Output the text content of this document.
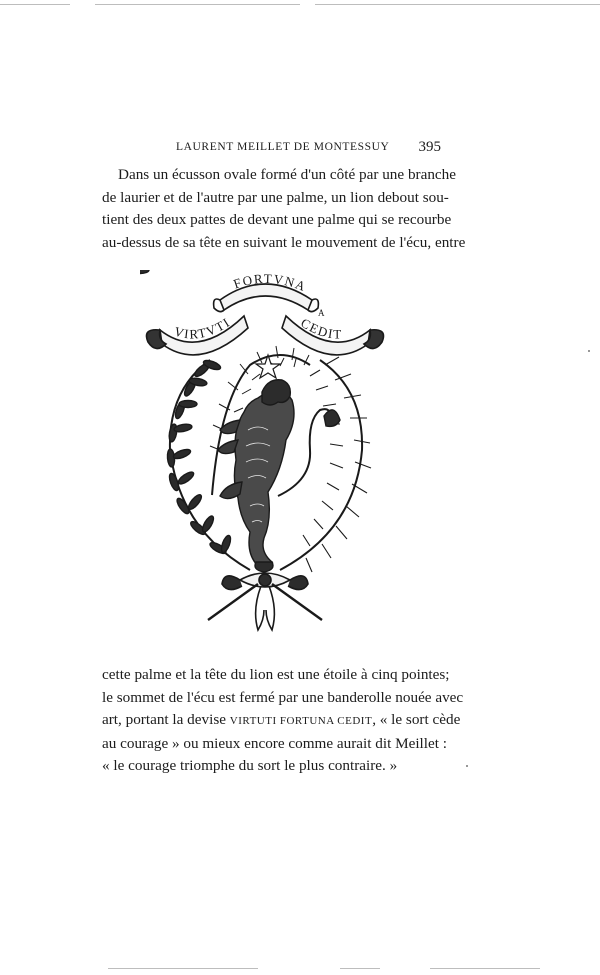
LAURENT MEILLET DE MONTESSUY 395

Dans un écusson ovale formé d'un côté par une branche
de laurier et de l'autre par une palme, un lion debout sou-
tient des deux pattes de devant une palme qui se recourbe
au-dessus de sa tête en suivant le mouvement de l'écu, entre

FORTVNA
VIRTVTI	CEDIT
A

cette palme et la tête du lion est une étoile à cinq pointes;
le sommet de l'écu est fermé par une banderolle nouée avec
art, portant la devise VIRTUTI FORTUNA CEDIT, « le sort cède
au courage » ou mieux encore comme aurait dit Meillet :
« le courage triomphe du sort le plus contraire. »
